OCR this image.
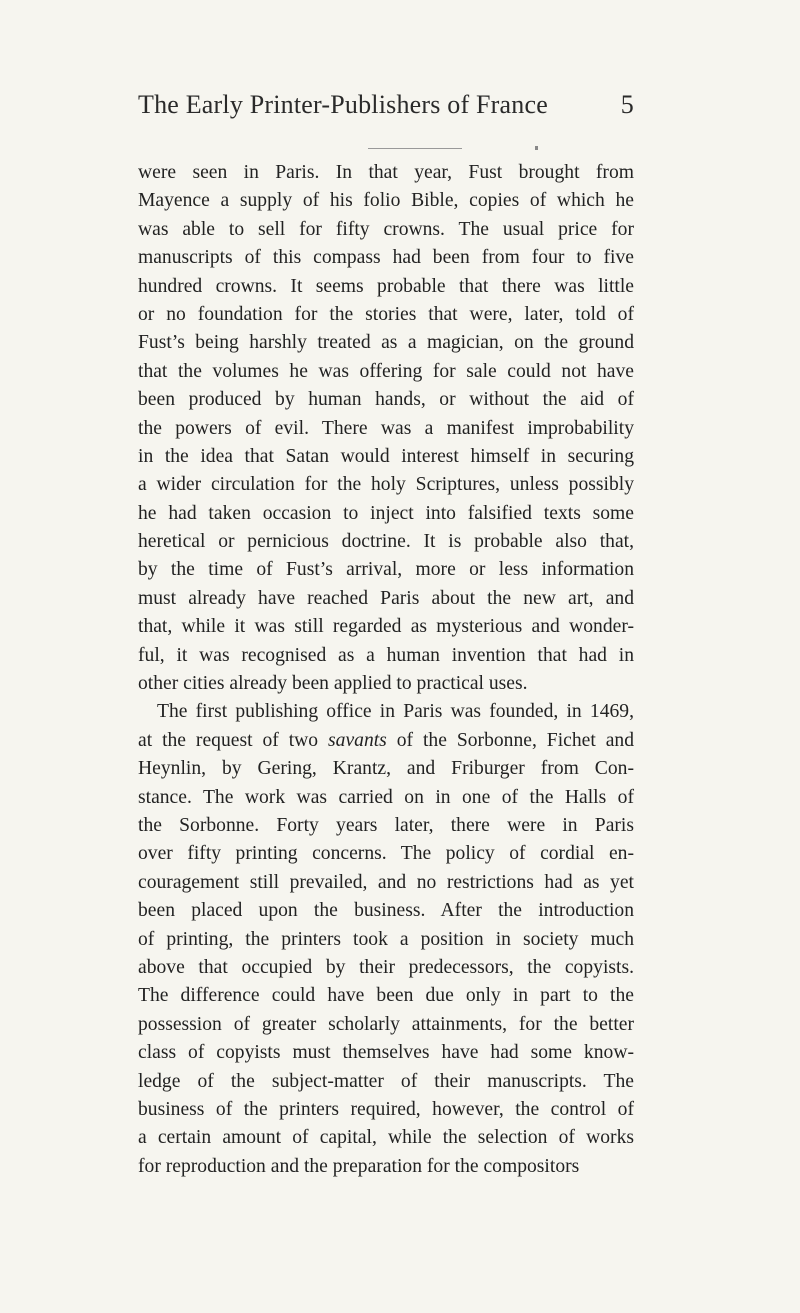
The Early Printer-Publishers of France	5
were seen in Paris. In that year, Fust brought from
Mayence a supply of his folio Bible, copies of which he
was able to sell for fifty crowns. The usual price for
manuscripts of this compass had been from four to five
hundred crowns. It seems probable that there was little
or no foundation for the stories that were, later, told of
Fust’s being harshly treated as a magician, on the ground
that the volumes he was offering for sale could not have
been produced by human hands, or without the aid of
the powers of evil. There was a manifest improbability
in the idea that Satan would interest himself in securing
a wider circulation for the holy Scriptures, unless possibly
he had taken occasion to inject into falsified texts some
heretical or pernicious doctrine. It is probable also that,
by the time of Fust’s arrival, more or less information
must already have reached Paris about the new art, and
that, while it was still regarded as mysterious and wonder-
ful, it was recognised as a human invention that had in
other cities already been applied to practical uses.
The first publishing office in Paris was founded, in 1469,
at the request of two savants of the Sorbonne, Fichet and
Heynlin, by Gering, Krantz, and Friburger from Con-
stance. The work was carried on in one of the Halls of
the Sorbonne. Forty years later, there were in Paris
over fifty printing concerns. The policy of cordial en-
couragement still prevailed, and no restrictions had as yet
been placed upon the business. After the introduction
of printing, the printers took a position in society much
above that occupied by their predecessors, the copyists.
The difference could have been due only in part to the
possession of greater scholarly attainments, for the better
class of copyists must themselves have had some know-
ledge of the subject-matter of their manuscripts. The
business of the printers required, however, the control of
a certain amount of capital, while the selection of works
for reproduction and the preparation for the compositors
